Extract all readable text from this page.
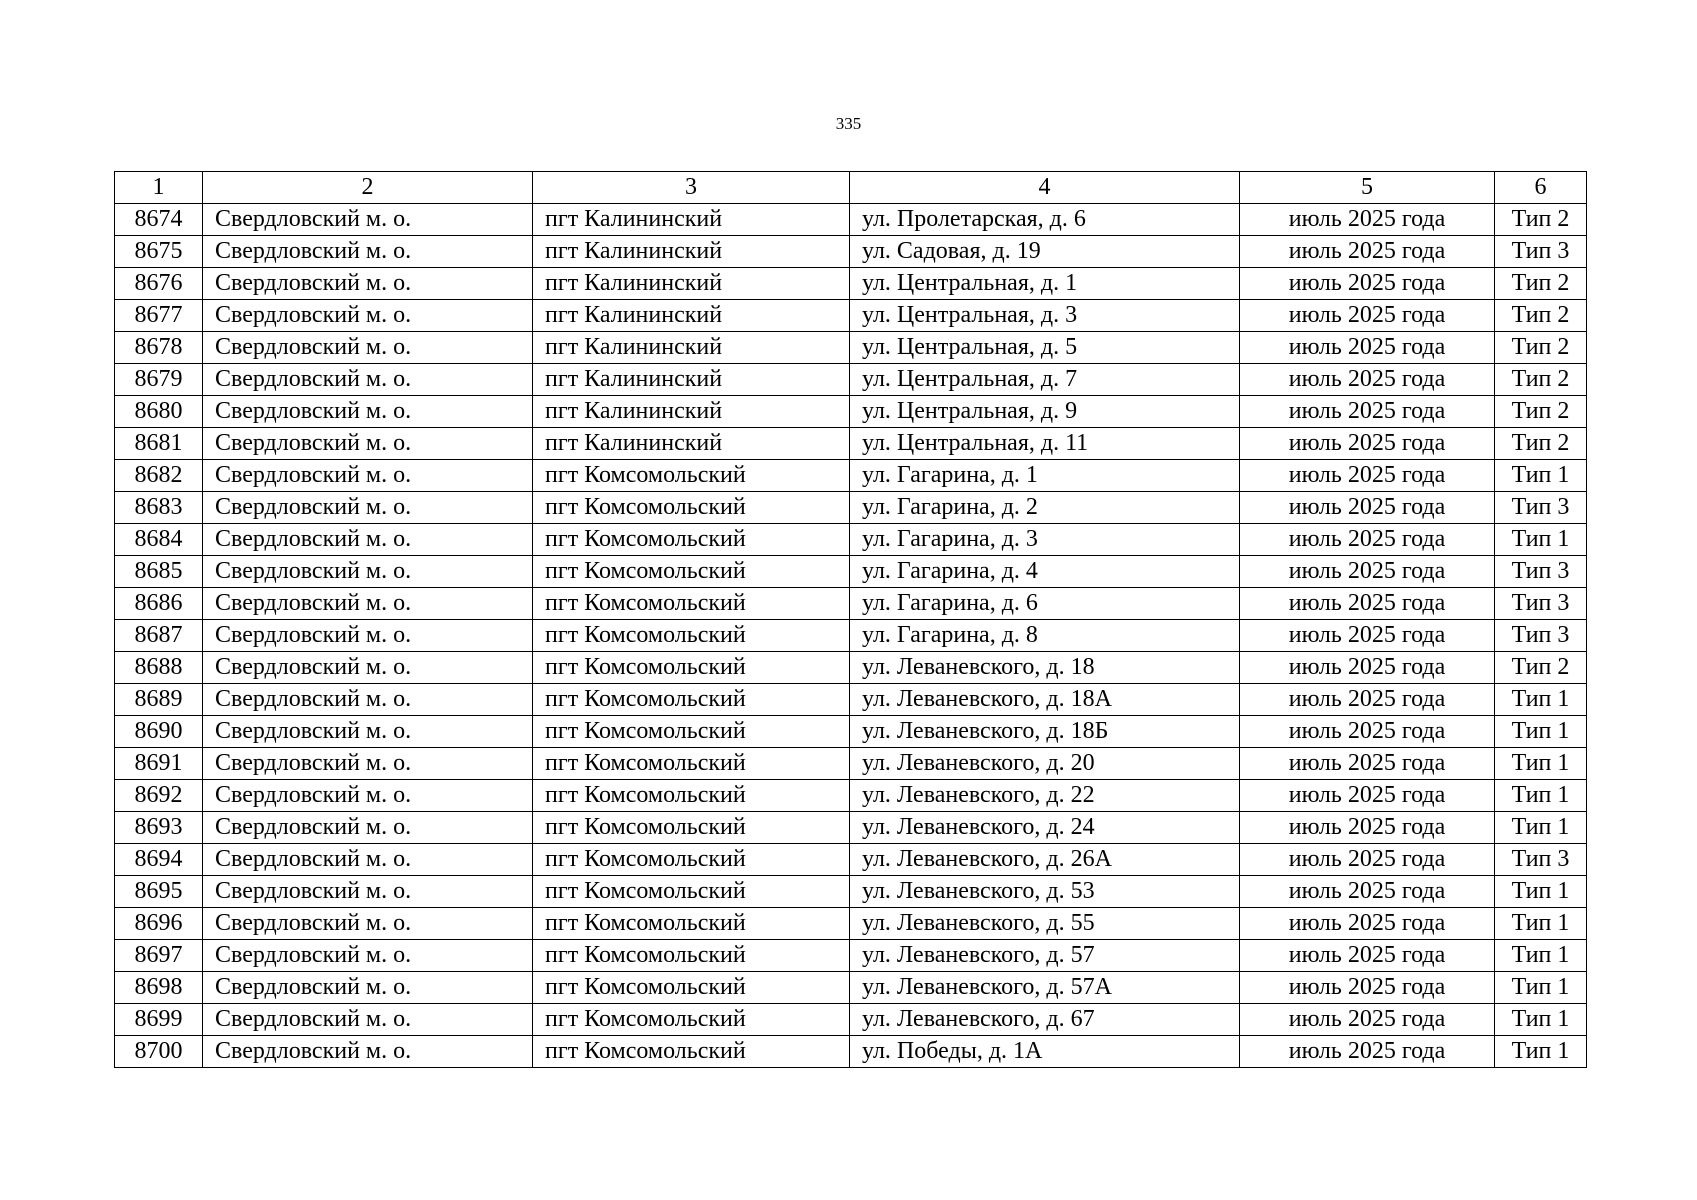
335
1	2	3	4	5	6
8674	Свердловский м. о.	пгт Калининский	ул. Пролетарская, д. 6	июль 2025 года	Тип 2
8675	Свердловский м. о.	пгт Калининский	ул. Садовая, д. 19	июль 2025 года	Тип 3
8676	Свердловский м. о.	пгт Калининский	ул. Центральная, д. 1	июль 2025 года	Тип 2
8677	Свердловский м. о.	пгт Калининский	ул. Центральная, д. 3	июль 2025 года	Тип 2
8678	Свердловский м. о.	пгт Калининский	ул. Центральная, д. 5	июль 2025 года	Тип 2
8679	Свердловский м. о.	пгт Калининский	ул. Центральная, д. 7	июль 2025 года	Тип 2
8680	Свердловский м. о.	пгт Калининский	ул. Центральная, д. 9	июль 2025 года	Тип 2
8681	Свердловский м. о.	пгт Калининский	ул. Центральная, д. 11	июль 2025 года	Тип 2
8682	Свердловский м. о.	пгт Комсомольский	ул. Гагарина, д. 1	июль 2025 года	Тип 1
8683	Свердловский м. о.	пгт Комсомольский	ул. Гагарина, д. 2	июль 2025 года	Тип 3
8684	Свердловский м. о.	пгт Комсомольский	ул. Гагарина, д. 3	июль 2025 года	Тип 1
8685	Свердловский м. о.	пгт Комсомольский	ул. Гагарина, д. 4	июль 2025 года	Тип 3
8686	Свердловский м. о.	пгт Комсомольский	ул. Гагарина, д. 6	июль 2025 года	Тип 3
8687	Свердловский м. о.	пгт Комсомольский	ул. Гагарина, д. 8	июль 2025 года	Тип 3
8688	Свердловский м. о.	пгт Комсомольский	ул. Леваневского, д. 18	июль 2025 года	Тип 2
8689	Свердловский м. о.	пгт Комсомольский	ул. Леваневского, д. 18А	июль 2025 года	Тип 1
8690	Свердловский м. о.	пгт Комсомольский	ул. Леваневского, д. 18Б	июль 2025 года	Тип 1
8691	Свердловский м. о.	пгт Комсомольский	ул. Леваневского, д. 20	июль 2025 года	Тип 1
8692	Свердловский м. о.	пгт Комсомольский	ул. Леваневского, д. 22	июль 2025 года	Тип 1
8693	Свердловский м. о.	пгт Комсомольский	ул. Леваневского, д. 24	июль 2025 года	Тип 1
8694	Свердловский м. о.	пгт Комсомольский	ул. Леваневского, д. 26А	июль 2025 года	Тип 3
8695	Свердловский м. о.	пгт Комсомольский	ул. Леваневского, д. 53	июль 2025 года	Тип 1
8696	Свердловский м. о.	пгт Комсомольский	ул. Леваневского, д. 55	июль 2025 года	Тип 1
8697	Свердловский м. о.	пгт Комсомольский	ул. Леваневского, д. 57	июль 2025 года	Тип 1
8698	Свердловский м. о.	пгт Комсомольский	ул. Леваневского, д. 57А	июль 2025 года	Тип 1
8699	Свердловский м. о.	пгт Комсомольский	ул. Леваневского, д. 67	июль 2025 года	Тип 1
8700	Свердловский м. о.	пгт Комсомольский	ул. Победы, д. 1А	июль 2025 года	Тип 1
